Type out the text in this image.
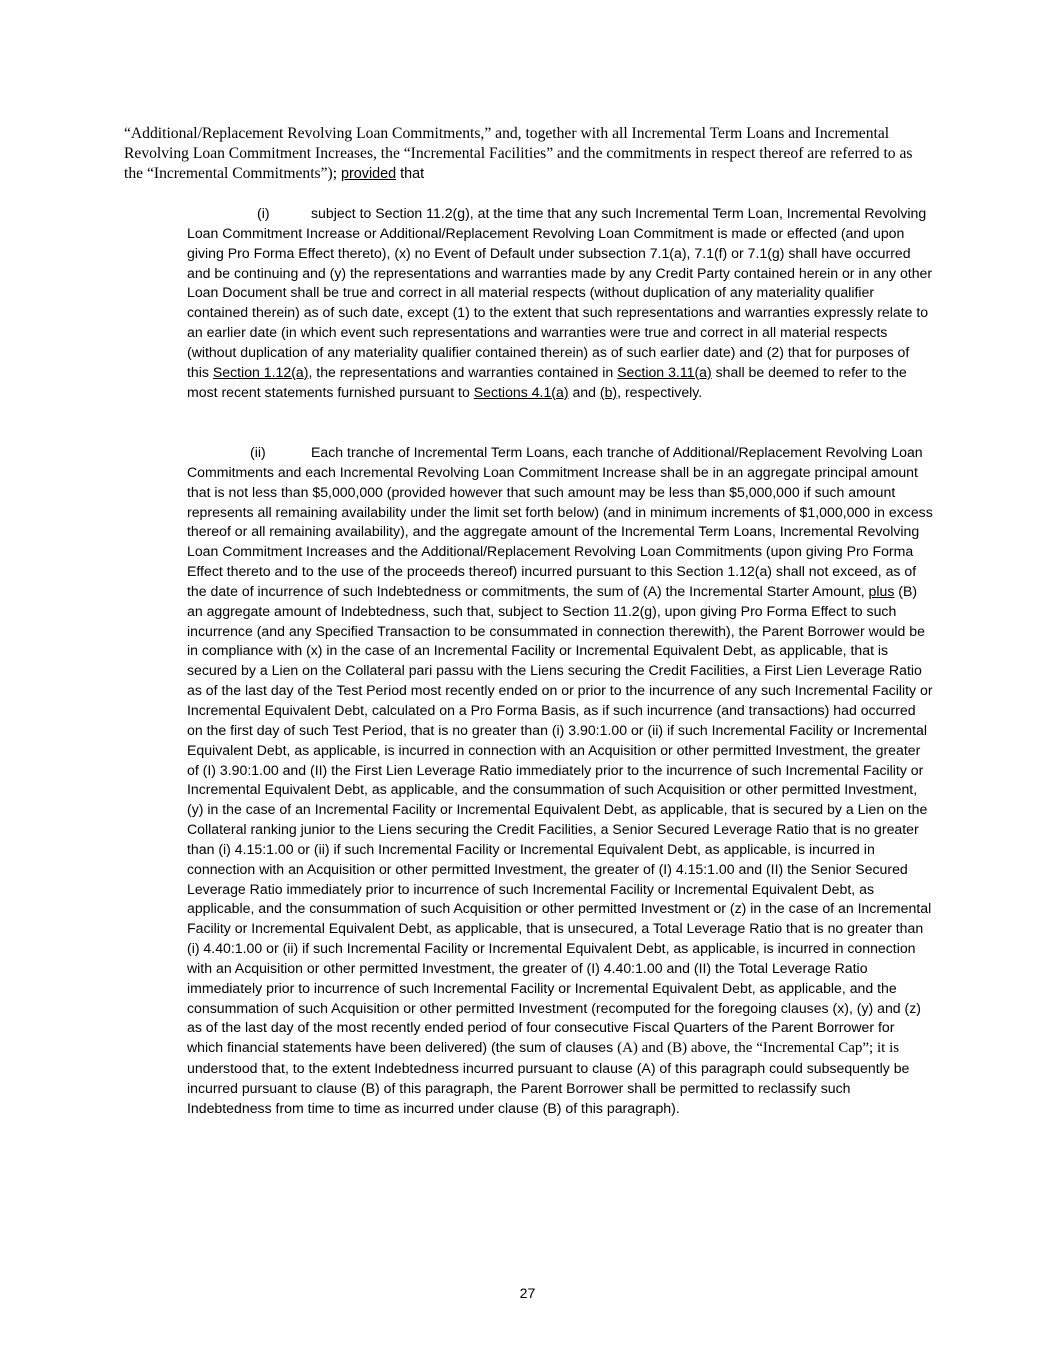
“Additional/Replacement Revolving Loan Commitments,” and, together with all Incremental Term Loans and Incremental Revolving Loan Commitment Increases, the “Incremental Facilities” and the commitments in respect thereof are referred to as the “Incremental Commitments”); provided that

(i)	subject to Section 11.2(g), at the time that any such Incremental Term Loan, Incremental Revolving Loan Commitment Increase or Additional/Replacement Revolving Loan Commitment is made or effected (and upon giving Pro Forma Effect thereto), (x) no Event of Default under subsection 7.1(a), 7.1(f) or 7.1(g) shall have occurred and be continuing and (y) the representations and warranties made by any Credit Party contained herein or in any other Loan Document shall be true and correct in all material respects (without duplication of any materiality qualifier contained therein) as of such date, except (1) to the extent that such representations and warranties expressly relate to an earlier date (in which event such representations and warranties were true and correct in all material respects (without duplication of any materiality qualifier contained therein) as of such earlier date) and (2) that for purposes of this Section 1.12(a), the representations and warranties contained in Section 3.11(a) shall be deemed to refer to the most recent statements furnished pursuant to Sections 4.1(a) and (b), respectively.

(ii)	Each tranche of Incremental Term Loans, each tranche of Additional/Replacement Revolving Loan Commitments and each Incremental Revolving Loan Commitment Increase shall be in an aggregate principal amount that is not less than $5,000,000 (provided however that such amount may be less than $5,000,000 if such amount represents all remaining availability under the limit set forth below) (and in minimum increments of $1,000,000 in excess thereof or all remaining availability), and the aggregate amount of the Incremental Term Loans, Incremental Revolving Loan Commitment Increases and the Additional/Replacement Revolving Loan Commitments (upon giving Pro Forma Effect thereto and to the use of the proceeds thereof) incurred pursuant to this Section 1.12(a) shall not exceed, as of the date of incurrence of such Indebtedness or commitments, the sum of (A) the Incremental Starter Amount, plus (B) an aggregate amount of Indebtedness, such that, subject to Section 11.2(g), upon giving Pro Forma Effect to such incurrence (and any Specified Transaction to be consummated in connection therewith), the Parent Borrower would be in compliance with (x) in the case of an Incremental Facility or Incremental Equivalent Debt, as applicable, that is secured by a Lien on the Collateral pari passu with the Liens securing the Credit Facilities, a First Lien Leverage Ratio as of the last day of the Test Period most recently ended on or prior to the incurrence of any such Incremental Facility or Incremental Equivalent Debt, calculated on a Pro Forma Basis, as if such incurrence (and transactions) had occurred on the first day of such Test Period, that is no greater than (i) 3.90:1.00 or (ii) if such Incremental Facility or Incremental Equivalent Debt, as applicable, is incurred in connection with an Acquisition or other permitted Investment, the greater of (I) 3.90:1.00 and (II) the First Lien Leverage Ratio immediately prior to the incurrence of such Incremental Facility or Incremental Equivalent Debt, as applicable, and the consummation of such Acquisition or other permitted Investment, (y) in the case of an Incremental Facility or Incremental Equivalent Debt, as applicable, that is secured by a Lien on the Collateral ranking junior to the Liens securing the Credit Facilities, a Senior Secured Leverage Ratio that is no greater than (i) 4.15:1.00 or (ii) if such Incremental Facility or Incremental Equivalent Debt, as applicable, is incurred in connection with an Acquisition or other permitted Investment, the greater of (I) 4.15:1.00 and (II) the Senior Secured Leverage Ratio immediately prior to incurrence of such Incremental Facility or Incremental Equivalent Debt, as applicable, and the consummation of such Acquisition or other permitted Investment or (z) in the case of an Incremental Facility or Incremental Equivalent Debt, as applicable, that is unsecured, a Total Leverage Ratio that is no greater than (i) 4.40:1.00 or (ii) if such Incremental Facility or Incremental Equivalent Debt, as applicable, is incurred in connection with an Acquisition or other permitted Investment, the greater of (I) 4.40:1.00 and (II) the Total Leverage Ratio immediately prior to incurrence of such Incremental Facility or Incremental Equivalent Debt, as applicable, and the consummation of such Acquisition or other permitted Investment (recomputed for the foregoing clauses (x), (y) and (z) as of the last day of the most recently ended period of four consecutive Fiscal Quarters of the Parent Borrower for which financial statements have been delivered) (the sum of clauses (A) and (B) above, the “Incremental Cap”; it is understood that, to the extent Indebtedness incurred pursuant to clause (A) of this paragraph could subsequently be incurred pursuant to clause (B) of this paragraph, the Parent Borrower shall be permitted to reclassify such Indebtedness from time to time as incurred under clause (B) of this paragraph).

27
